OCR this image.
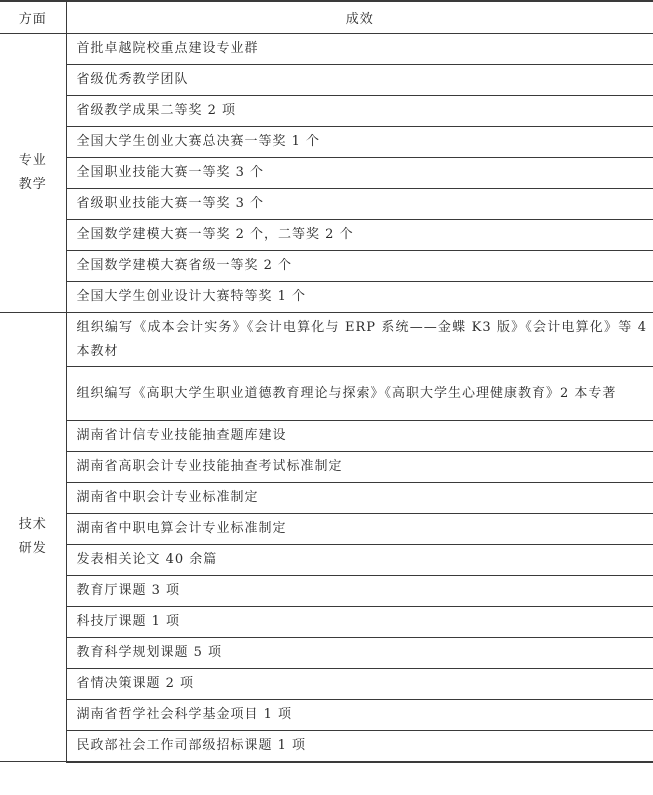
方面	成效

专业
教学	首批卓越院校重点建设专业群
	省级优秀教学团队
	省级教学成果二等奖 2 项
	全国大学生创业大赛总决赛一等奖 1 个
	全国职业技能大赛一等奖 3 个
	省级职业技能大赛一等奖 3 个
	全国数学建模大赛一等奖 2 个，二等奖 2 个
	全国数学建模大赛省级一等奖 2 个
	全国大学生创业设计大赛特等奖 1 个

技术
研发	组织编写《成本会计实务》《会计电算化与 ERP 系统——金蝶 K3 版》《会计电算化》等 4 本教材
	组织编写《高职大学生职业道德教育理论与探索》《高职大学生心理健康教育》2 本专著
	湖南省计信专业技能抽查题库建设
	湖南省高职会计专业技能抽查考试标准制定
	湖南省中职会计专业标准制定
	湖南省中职电算会计专业标准制定
	发表相关论文 40 余篇
	教育厅课题 3 项
	科技厅课题 1 项
	教育科学规划课题 5 项
	省情决策课题 2 项
	湖南省哲学社会科学基金项目 1 项
	民政部社会工作司部级招标课题 1 项
